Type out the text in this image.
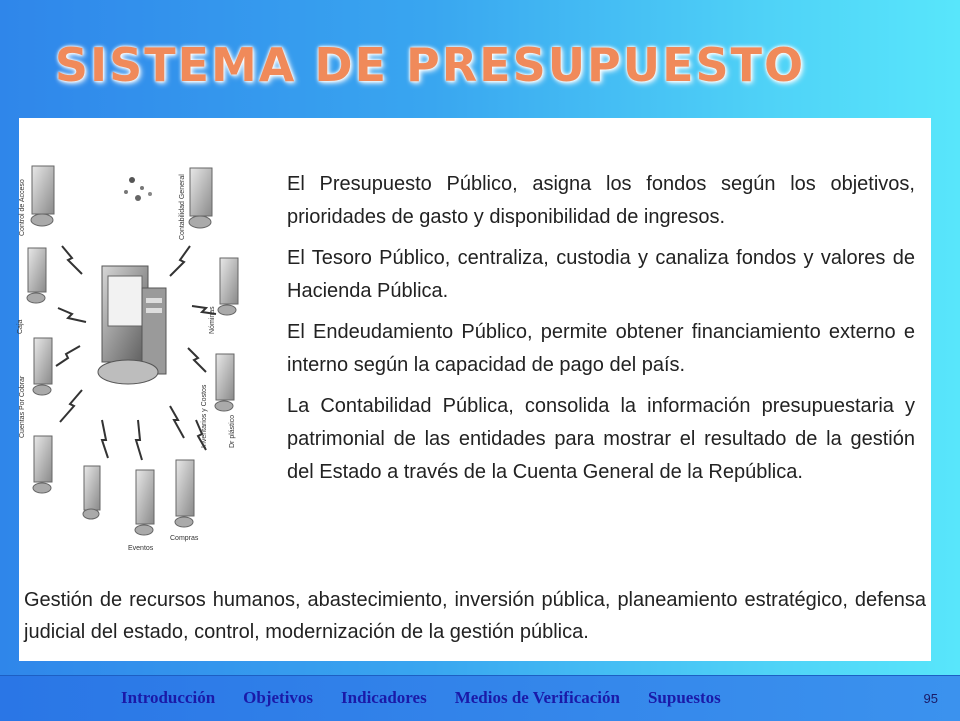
SISTEMA DE PRESUPUESTO
Control de Acceso	Contabilidad General
Caja	Nóminas
Cuentas Por Cobrar	Inventarios y Costos	Dr plástico
Eventos
Compras

El Presupuesto Público, asigna los fondos según los objetivos, prioridades de gasto y disponibilidad de ingresos.

El Tesoro Público, centraliza, custodia y canaliza fondos y valores de Hacienda Pública.

El Endeudamiento Público, permite obtener financiamiento externo e interno según la capacidad de pago del país.

La Contabilidad Pública, consolida la información presupuestaria y patrimonial de las entidades para mostrar el resultado de la gestión del Estado a través de la Cuenta General de la República.

Gestión de recursos humanos, abastecimiento, inversión pública, planeamiento estratégico, defensa judicial del estado, control, modernización de la gestión pública.
Introducción Objetivos Indicadores Medios de Verificación Supuestos	95
